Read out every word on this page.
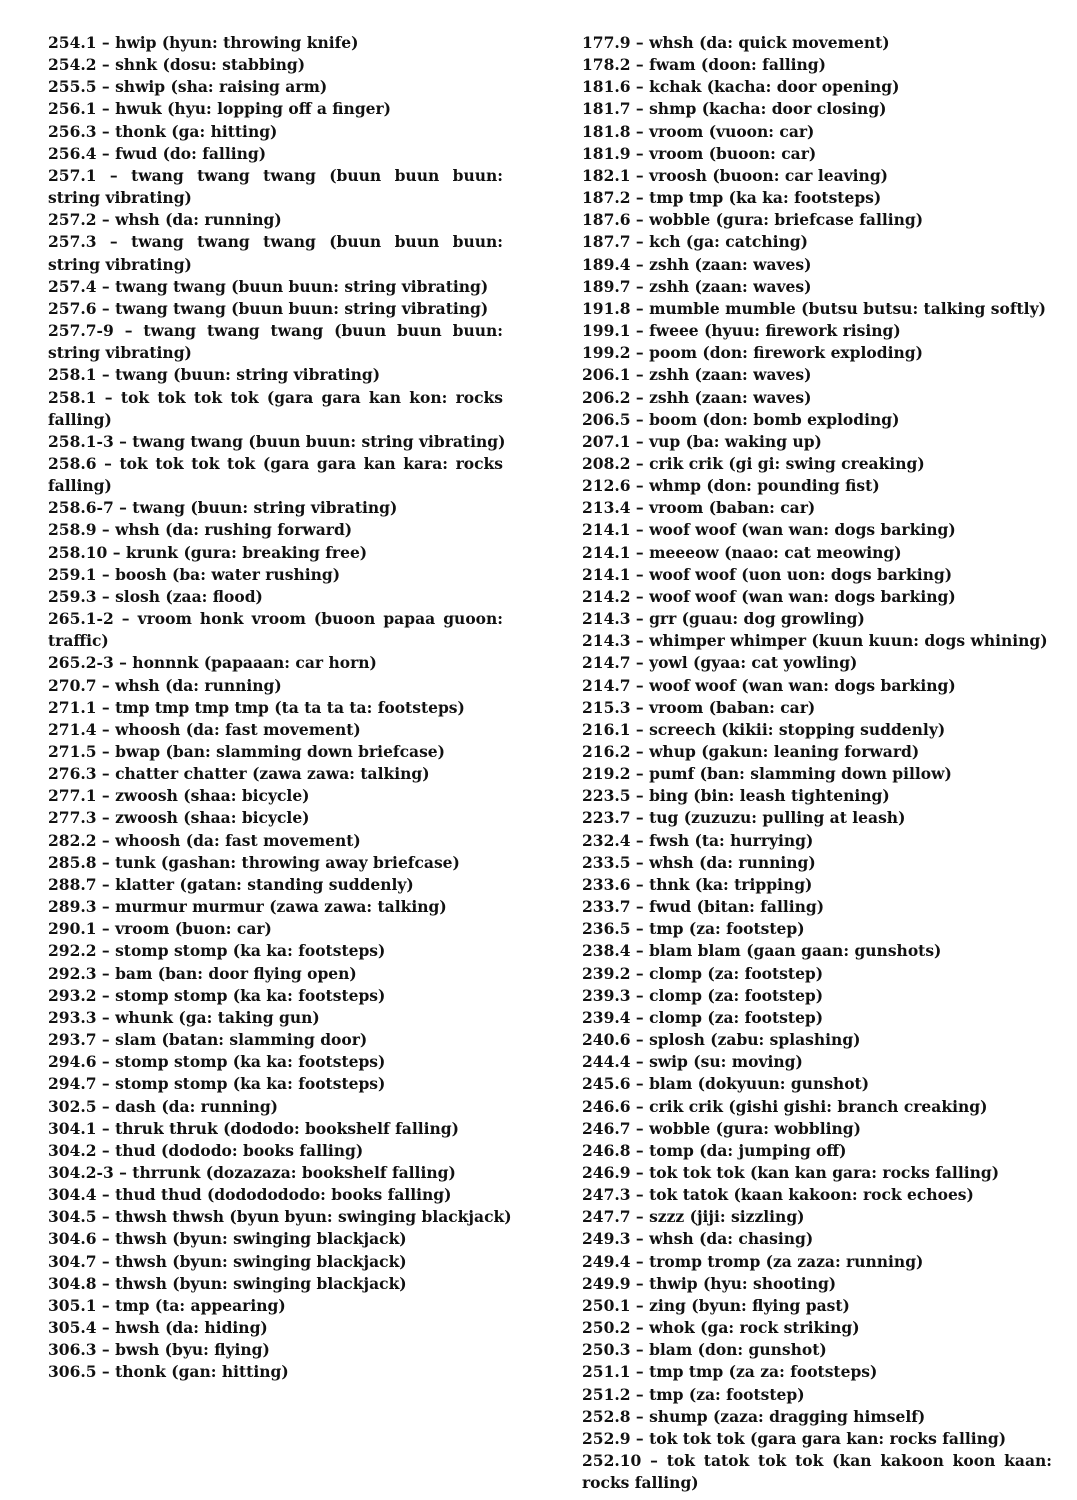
254.1 – hwip (hyun: throwing knife)
254.2 – shnk (dosu: stabbing)
255.5 – shwip (sha: raising arm)
256.1 – hwuk (hyu: lopping off a finger)
256.3 – thonk (ga: hitting)
256.4 – fwud (do: falling)
257.1 – twang twang twang (buun buun buun: string vibrating)
257.2 – whsh (da: running)
257.3 – twang twang twang (buun buun buun: string vibrating)
257.4 – twang twang (buun buun: string vibrating)
257.6 – twang twang (buun buun: string vibrating)
257.7-9 – twang twang twang (buun buun buun: string vibrating)
258.1 – twang (buun: string vibrating)
258.1 – tok tok tok tok (gara gara kan kon: rocks falling)
258.1-3 – twang twang (buun buun: string vibrating)
258.6 – tok tok tok tok (gara gara kan kara: rocks falling)
258.6-7 – twang (buun: string vibrating)
258.9 – whsh (da: rushing forward)
258.10 – krunk (gura: breaking free)
259.1 – boosh (ba: water rushing)
259.3 – slosh (zaa: flood)
265.1-2 – vroom honk vroom (buoon papaa guoon: traffic)
265.2-3 – honnnk (papaaan: car horn)
270.7 – whsh (da: running)
271.1 – tmp tmp tmp tmp (ta ta ta ta: footsteps)
271.4 – whoosh (da: fast movement)
271.5 – bwap (ban: slamming down briefcase)
276.3 – chatter chatter (zawa zawa: talking)
277.1 – zwoosh (shaa: bicycle)
277.3 – zwoosh (shaa: bicycle)
282.2 – whoosh (da: fast movement)
285.8 – tunk (gashan: throwing away briefcase)
288.7 – klatter (gatan: standing suddenly)
289.3 – murmur murmur (zawa zawa: talking)
290.1 – vroom (buon: car)
292.2 – stomp stomp (ka ka: footsteps)
292.3 – bam (ban: door flying open)
293.2 – stomp stomp (ka ka: footsteps)
293.3 – whunk (ga: taking gun)
293.7 – slam (batan: slamming door)
294.6 – stomp stomp (ka ka: footsteps)
294.7 – stomp stomp (ka ka: footsteps)
302.5 – dash (da: running)
304.1 – thruk thruk (dododo: bookshelf falling)
304.2 – thud (dododo: books falling)
304.2-3 – thrrunk (dozazaza: bookshelf falling)
304.4 – thud thud (dododododo: books falling)
304.5 – thwsh thwsh (byun byun: swinging blackjack)
304.6 – thwsh (byun: swinging blackjack)
304.7 – thwsh (byun: swinging blackjack)
304.8 – thwsh (byun: swinging blackjack)
305.1 – tmp (ta: appearing)
305.4 – hwsh (da: hiding)
306.3 – bwsh (byu: flying)
306.5 – thonk (gan: hitting)
177.9 – whsh (da: quick movement)
178.2 – fwam (doon: falling)
181.6 – kchak (kacha: door opening)
181.7 – shmp (kacha: door closing)
181.8 – vroom (vuoon: car)
181.9 – vroom (buoon: car)
182.1 – vroosh (buoon: car leaving)
187.2 – tmp tmp (ka ka: footsteps)
187.6 – wobble (gura: briefcase falling)
187.7 – kch (ga: catching)
189.4 – zshh (zaan: waves)
189.7 – zshh (zaan: waves)
191.8 – mumble mumble (butsu butsu: talking softly)
199.1 – fweee (hyuu: firework rising)
199.2 – poom (don: firework exploding)
206.1 – zshh (zaan: waves)
206.2 – zshh (zaan: waves)
206.5 – boom (don: bomb exploding)
207.1 – vup (ba: waking up)
208.2 – crik crik (gi gi: swing creaking)
212.6 – whmp (don: pounding fist)
213.4 – vroom (baban: car)
214.1 – woof woof (wan wan: dogs barking)
214.1 – meeeow (naao: cat meowing)
214.1 – woof woof (uon uon: dogs barking)
214.2 – woof woof (wan wan: dogs barking)
214.3 – grr (guau: dog growling)
214.3 – whimper whimper (kuun kuun: dogs whining)
214.7 – yowl (gyaa: cat yowling)
214.7 – woof woof (wan wan: dogs barking)
215.3 – vroom (baban: car)
216.1 – screech (kikii: stopping suddenly)
216.2 – whup (gakun: leaning forward)
219.2 – pumf (ban: slamming down pillow)
223.5 – bing (bin: leash tightening)
223.7 – tug (zuzuzu: pulling at leash)
232.4 – fwsh (ta: hurrying)
233.5 – whsh (da: running)
233.6 – thnk (ka: tripping)
233.7 – fwud (bitan: falling)
236.5 – tmp (za: footstep)
238.4 – blam blam (gaan gaan: gunshots)
239.2 – clomp (za: footstep)
239.3 – clomp (za: footstep)
239.4 – clomp (za: footstep)
240.6 – splosh (zabu: splashing)
244.4 – swip (su: moving)
245.6 – blam (dokyuun: gunshot)
246.6 – crik crik (gishi gishi: branch creaking)
246.7 – wobble (gura: wobbling)
246.8 – tomp (da: jumping off)
246.9 – tok tok tok (kan kan gara: rocks falling)
247.3 – tok tatok (kaan kakoon: rock echoes)
247.7 – szzz (jiji: sizzling)
249.3 – whsh (da: chasing)
249.4 – tromp tromp (za zaza: running)
249.9 – thwip (hyu: shooting)
250.1 – zing (byun: flying past)
250.2 – whok (ga: rock striking)
250.3 – blam (don: gunshot)
251.1 – tmp tmp (za za: footsteps)
251.2 – tmp (za: footstep)
252.8 – shump (zaza: dragging himself)
252.9 – tok tok tok (gara gara kan: rocks falling)
252.10 – tok tatok tok tok (kan kakoon koon kaan: rocks falling)
